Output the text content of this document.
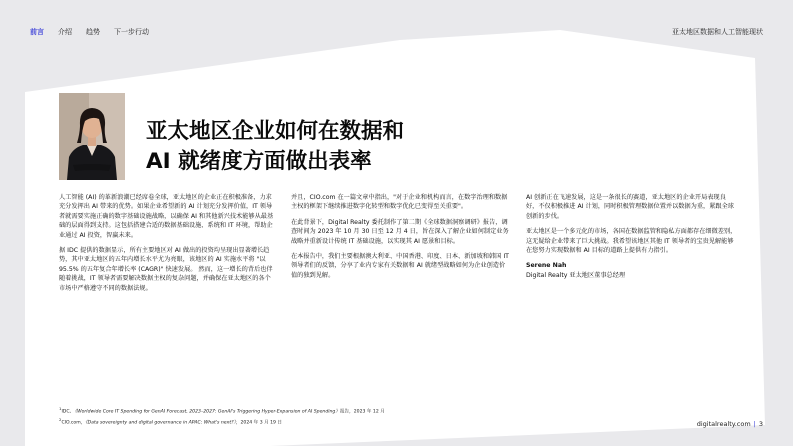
前言 介绍 趋势 下一步行动	亚太地区数据和人工智能现状
亚太地区企业如何在数据和
AI 就绪度方面做出表率

人工智能 (AI) 的革新浪潮已经席卷全球，亚太地区的企业正在积极准备，力求充分发挥出 AI 带来的优势。如果企业希望新的 AI 计划充分发挥价值，IT 领导者就需要实施正确的数字基础设施战略，以确保 AI 和其他新兴技术能够从最基础的层面得到支持。这包括搭建合适的数据基础设施、系统和 IT 环境，帮助企业通过 AI 投资，智赢未来。

据 IDC 提供的数据显示，所有主要地区对 AI 做出的投资均呈现出显著增长趋势，其中亚太地区的五年内增长水平尤为亮眼，该地区的 AI 实施水平将 "以 95.5% 的五年复合年增长率 (CAGR)" 快速发展。 然而，这一增长的背后也伴随着挑战，IT 领导者需要解决数据主权的复杂问题，并确保在亚太地区的各个市场中严格遵守不同的数据法规。

并且，CIO.com 在一篇文章中指出，"对于企业和机构而言，在数字治理和数据主权的框架下继续推进数字化转型和数字优化已变得至关重要"。

在此背景下，Digital Realty 委托制作了第二期《全球数据洞察调研》报告，调查时间为 2023 年 10 月 30 日至 12 月 4 日，旨在深入了解企业如何制定业务战略并重新设计传统 IT 基础设施，以实现其 AI 愿景和目标。

在本报告中，我们主要根据澳大利亚、中国香港、印度、日本、新加坡和韩国 IT 领导者们的反馈，分享了业内专家有关数据和 AI 就绪型战略如何为企业创造价值的独到见解。

AI 创新正在飞速发展，这是一条很长的赛道，亚太地区的企业开局表现良好，不仅积极推进 AI 计划，同时积极管理数据位置并以数据为重，紧跟全球创新的步伐。

亚太地区是一个多元化的市场，各国在数据监管和隐私方面都存在细微差别，这无疑给企业带来了巨大挑战。我希望该地区其他 IT 领导者的宝贵见解能够在您努力实现数据和 AI 目标的道路上提供有力指引。

Serene Nah
Digital Realty 亚太地区董事总经理
$^1$IDC, 《Worldwide Core IT Spending for GenAI Forecast, 2023–2027: GenAI's Triggering Hyper-Expansion of AI Spending》报告，2023 年 12 月
$^2$CIO.com，《Data sovereignty and digital governance in APAC: What's next?》，2024 年 3 月 19 日	digitalrealty.com | 3
